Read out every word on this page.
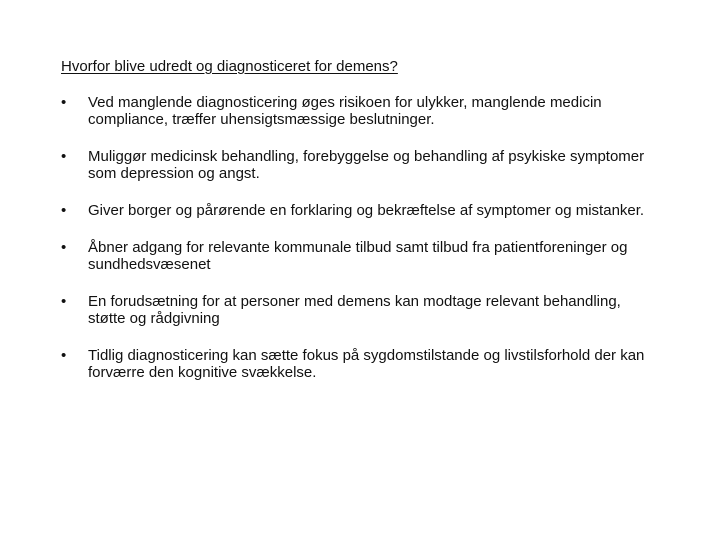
Hvorfor blive udredt og diagnosticeret for demens?
•	Ved manglende diagnosticering øges risikoen for ulykker, manglende medicin compliance, træffer uhensigtsmæssige beslutninger.
•	Muliggør medicinsk behandling, forebyggelse og behandling af psykiske symptomer som depression og angst.
•	Giver borger og pårørende en forklaring og bekræftelse af symptomer og mistanker.
•	Åbner adgang for relevante kommunale tilbud samt tilbud fra patientforeninger og sundhedsvæsenet
•	En forudsætning for at personer med demens kan modtage relevant behandling, støtte og rådgivning
•	Tidlig diagnosticering kan sætte fokus på sygdomstilstande og livstilsforhold der kan forværre den kognitive svækkelse.
